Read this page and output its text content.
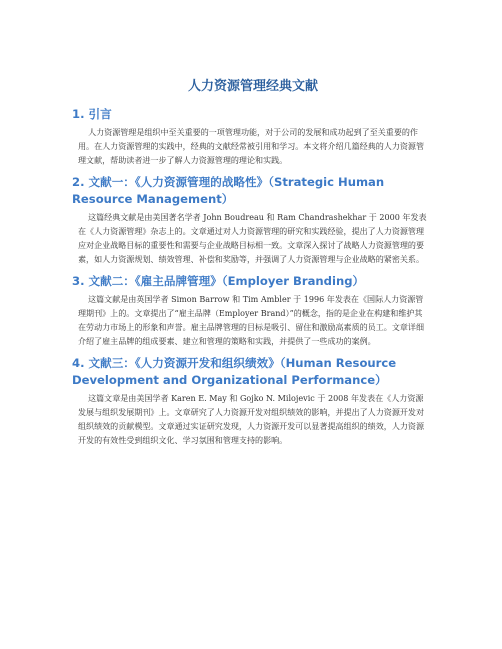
人力资源管理经典文献
1. 引言

人力资源管理是组织中至关重要的一项管理功能，对于公司的发展和成功起到了至关重要的作用。在人力资源管理的实践中，经典的文献经常被引用和学习。本文将介绍几篇经典的人力资源管理文献，帮助读者进一步了解人力资源管理的理论和实践。

2. 文献一：《人力资源管理的战略性》（Strategic Human Resource Management）

这篇经典文献是由美国著名学者 John Boudreau 和 Ram Chandrashekhar 于 2000 年发表在《人力资源管理》杂志上的。文章通过对人力资源管理的研究和实践经验，提出了人力资源管理应对企业战略目标的重要性和需要与企业战略目标相一致。文章深入探讨了战略人力资源管理的要素，如人力资源规划、绩效管理、补偿和奖励等，并强调了人力资源管理与企业战略的紧密关系。

3. 文献二：《雇主品牌管理》（Employer Branding）

这篇文献是由英国学者 Simon Barrow 和 Tim Ambler 于 1996 年发表在《国际人力资源管理期刊》上的。文章提出了“雇主品牌（Employer Brand）”的概念，指的是企业在构建和维护其在劳动力市场上的形象和声誉。雇主品牌管理的目标是吸引、留住和激励高素质的员工。文章详细介绍了雇主品牌的组成要素、建立和管理的策略和实践，并提供了一些成功的案例。

4. 文献三：《人力资源开发和组织绩效》（Human Resource Development and Organizational Performance）

这篇文章是由美国学者 Karen E. May 和 Gojko N. Milojevic 于 2008 年发表在《人力资源发展与组织发展期刊》上。文章研究了人力资源开发对组织绩效的影响，并提出了人力资源开发对组织绩效的贡献模型。文章通过实证研究发现，人力资源开发可以显著提高组织的绩效，人力资源开发的有效性受到组织文化、学习氛围和管理支持的影响。
